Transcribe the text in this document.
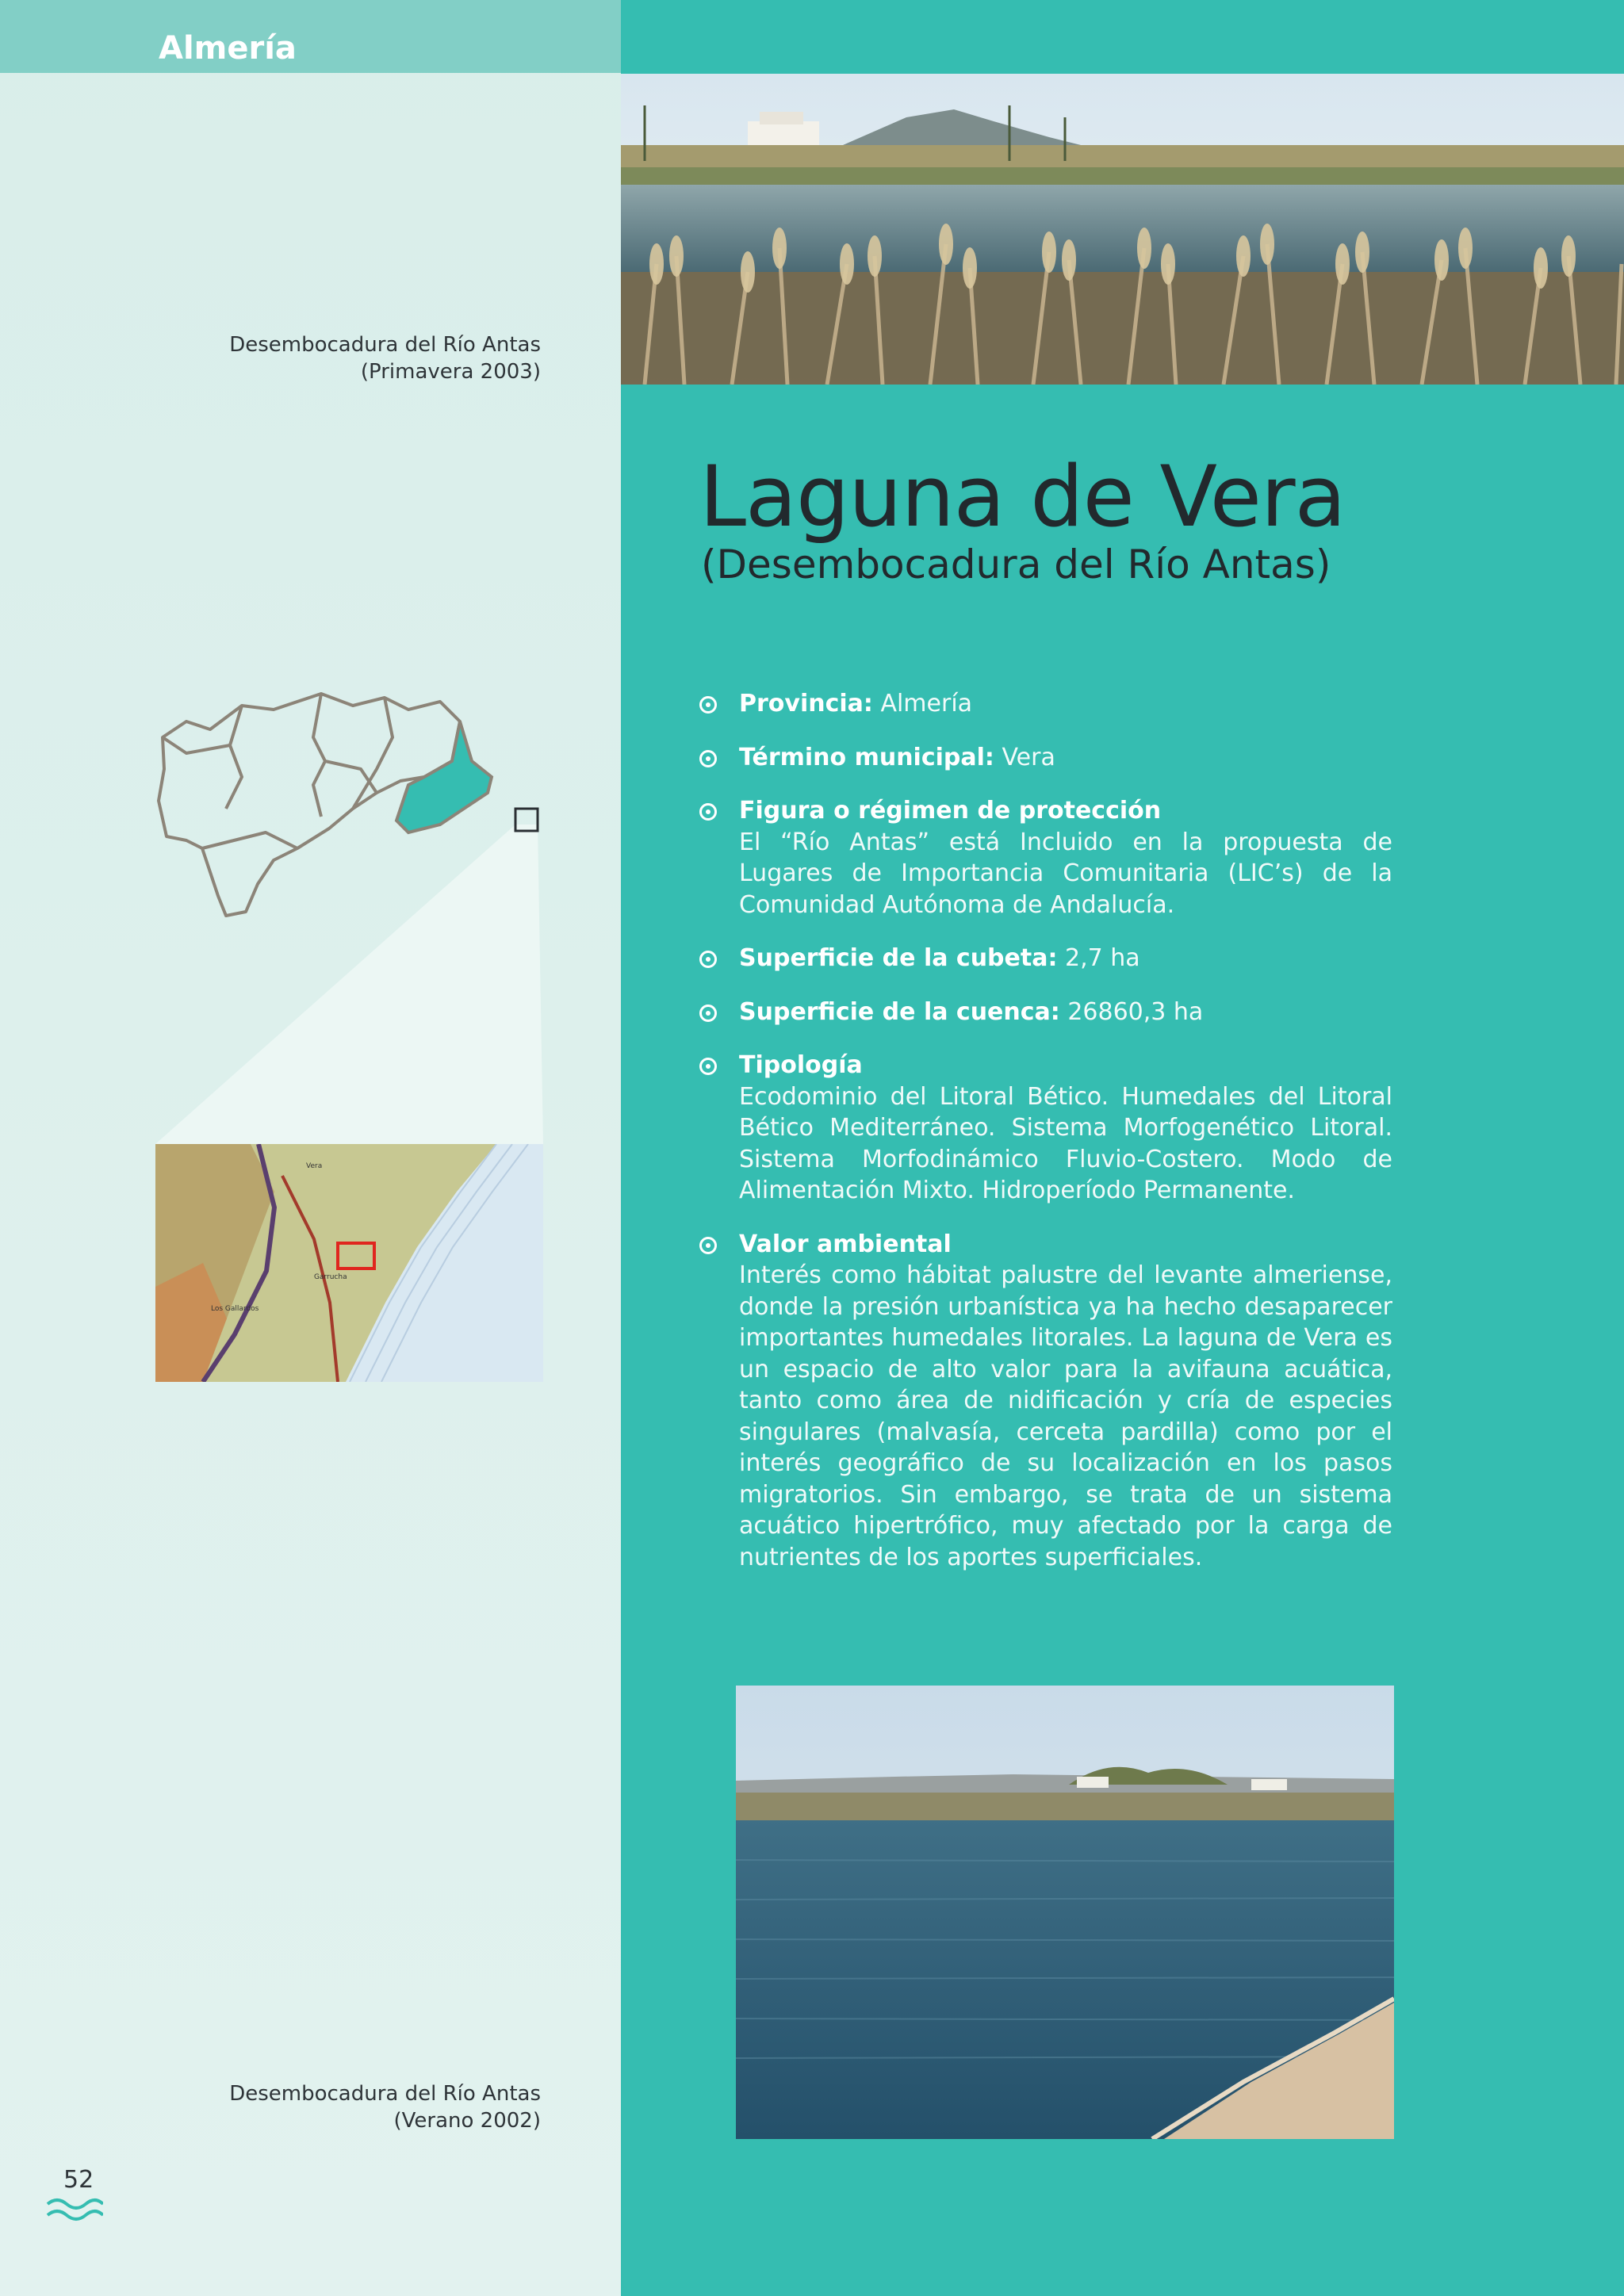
Almería
Desembocadura del Río Antas
(Primavera 2003)
Laguna de Vera
(Desembocadura del Río Antas)
Vera
Garrucha
Los Gallardos
Provincia: Almería
Término municipal: Vera
Figura o régimen de protección
El “Río Antas” está Incluido en la propuesta de Lugares de Importancia Comunitaria (LIC’s) de la Comunidad Autónoma de Andalucía.
Superficie de la cubeta: 2,7 ha
Superficie de la cuenca: 26860,3 ha
Tipología
Ecodominio del Litoral Bético. Humedales del Litoral Bético Mediterráneo. Sistema Morfogenético Litoral. Sistema Morfodinámico Fluvio-Costero. Modo de Alimentación Mixto. Hidroperíodo Permanente.
Valor ambiental
Interés como hábitat palustre del levante almeriense, donde la presión urbanística ya ha hecho desaparecer importantes humedales litorales. La laguna de Vera es un espacio de alto valor para la avifauna acuática, tanto como área de nidificación y cría de especies singulares (malvasía, cerceta pardilla) como por el interés geográfico de su localización en los pasos migratorios. Sin embargo, se trata de un sistema acuático hipertrófico, muy afectado por la carga de nutrientes de los aportes superficiales.
Desembocadura del Río Antas
(Verano 2002)
52
